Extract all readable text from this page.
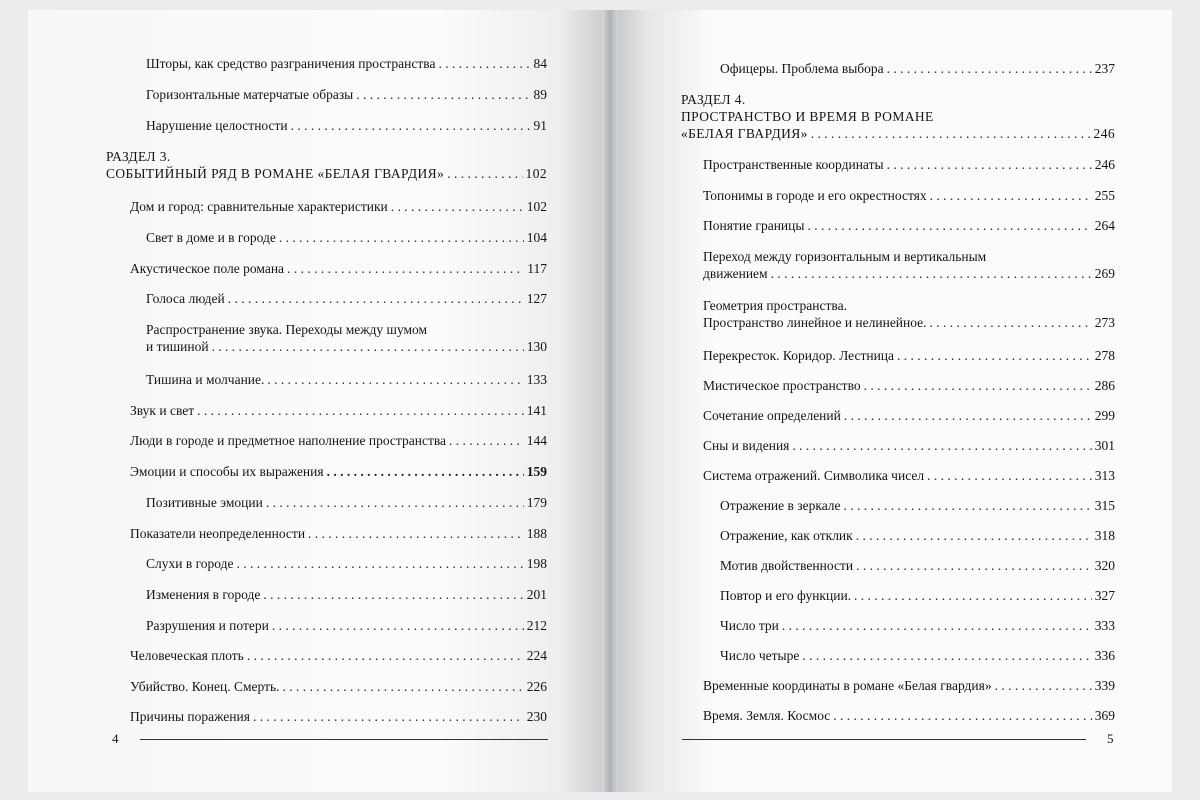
Шторы, как средство разграничения пространства . . .	84
Горизонтальные матерчатые образы . . .	89
Нарушение целостности . . .	91
РАЗДЕЛ 3.
СОБЫТИЙНЫЙ РЯД В РОМАНЕ «БЕЛАЯ ГВАРДИЯ» . . .	102
Дом и город: сравнительные характеристики . . .	102
Свет в доме и в городе . . .	104
Акустическое поле романа . . .	117
Голоса людей . . .	127
Распространение звука. Переходы между шумом
и тишиной . . .	130
Тишина и молчание. . . .	133
Звук и свет . . .	141
Люди в городе и предметное наполнение пространства . . .	144
Эмоции и способы их выражения . . .	159
Позитивные эмоции . . .	179
Показатели неопределенности . . .	188
Слухи в городе . . .	198
Изменения в городе . . .	201
Разрушения и потери . . .	212
Человеческая плоть . . .	224
Убийство. Конец. Смерть. . . .	226
Причины поражения . . .	230
4
Офицеры. Проблема выбора . . .	237
РАЗДЕЛ 4.
ПРОСТРАНСТВО И ВРЕМЯ В РОМАНЕ
«БЕЛАЯ ГВАРДИЯ» . . .	246
Пространственные координаты . . .	246
Топонимы в городе и его окрестностях . . .	255
Понятие границы . . .	264
Переход между горизонтальным и вертикальным
движением . . .	269
Геометрия пространства.
Пространство линейное и нелинейное. . . .	273
Перекресток. Коридор. Лестница . . .	278
Мистическое пространство . . .	286
Сочетание определений . . .	299
Сны и видения . . .	301
Система отражений. Символика чисел . . .	313
Отражение в зеркале . . .	315
Отражение, как отклик . . .	318
Мотив двойственности . . .	320
Повтор и его функции. . . .	327
Число три . . .	333
Число четыре . . .	336
Временные координаты в романе «Белая гвардия» . . .	339
Время. Земля. Космос . . .	369
5
